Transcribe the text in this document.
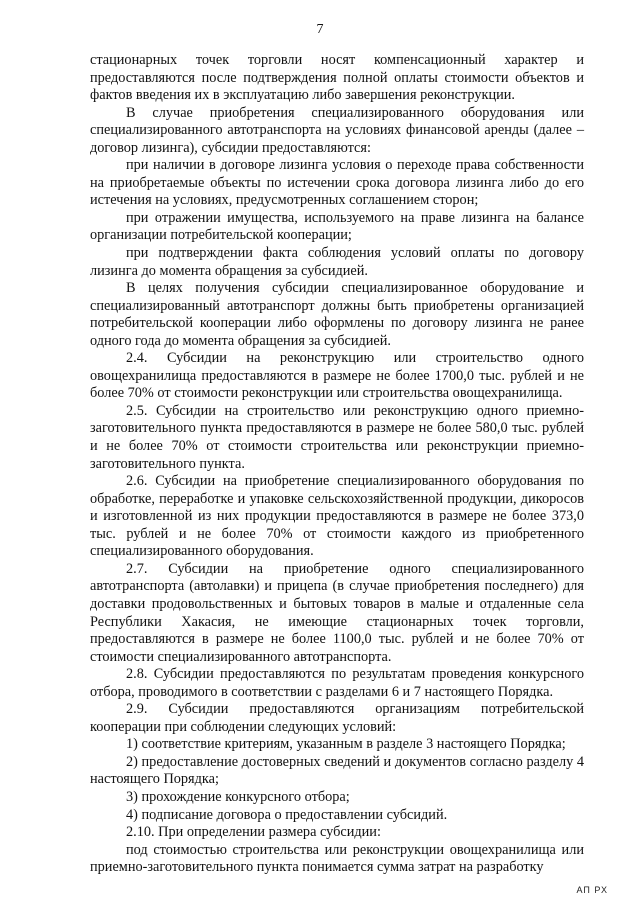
7

стационарных точек торговли носят компенсационный характер и предоставляются после подтверждения полной оплаты стоимости объектов и фактов введения их в эксплуатацию либо завершения реконструкции.

В случае приобретения специализированного оборудования или специализированного автотранспорта на условиях финансовой аренды (далее – договор лизинга), субсидии предоставляются:

при наличии в договоре лизинга условия о переходе права собственности на приобретаемые объекты по истечении срока договора лизинга либо до его истечения на условиях, предусмотренных соглашением сторон;

при отражении имущества, используемого на праве лизинга на балансе организации потребительской кооперации;

при подтверждении факта соблюдения условий оплаты по договору лизинга до момента обращения за субсидией.

В целях получения субсидии специализированное оборудование и специализированный автотранспорт должны быть приобретены организацией потребительской кооперации либо оформлены по договору лизинга не ранее одного года до момента обращения за субсидией.

2.4. Субсидии на реконструкцию или строительство одного овощехранилища предоставляются в размере не более 1700,0 тыс. рублей и не более 70% от стоимости реконструкции или строительства овощехранилища.

2.5. Субсидии на строительство или реконструкцию одного приемно-заготовительного пункта предоставляются в размере не более 580,0 тыс. рублей и не более 70% от стоимости строительства или реконструкции приемно-заготовительного пункта.

2.6. Субсидии на приобретение специализированного оборудования по обработке, переработке и упаковке сельскохозяйственной продукции, дикоросов и изготовленной из них продукции предоставляются в размере не более 373,0 тыс. рублей и не более 70% от стоимости каждого из приобретенного специализированного оборудования.

2.7. Субсидии на приобретение одного специализированного автотранспорта (автолавки) и прицепа (в случае приобретения последнего) для доставки продовольственных и бытовых товаров в малые и отдаленные села Республики Хакасия, не имеющие стационарных точек торговли, предоставляются в размере не более 1100,0 тыс. рублей и не более 70% от стоимости специализированного автотранспорта.

2.8. Субсидии предоставляются по результатам проведения конкурсного отбора, проводимого в соответствии с разделами 6 и 7 настоящего Порядка.

2.9. Субсидии предоставляются организациям потребительской кооперации при соблюдении следующих условий:

1) соответствие критериям, указанным в разделе 3 настоящего Порядка;

2) предоставление достоверных сведений и документов согласно разделу 4 настоящего Порядка;

3) прохождение конкурсного отбора;

4) подписание договора о предоставлении субсидий.

2.10. При определении размера субсидии:

под стоимостью строительства или реконструкции овощехранилища или приемно-заготовительного пункта понимается сумма затрат на разработку

АП РХ
